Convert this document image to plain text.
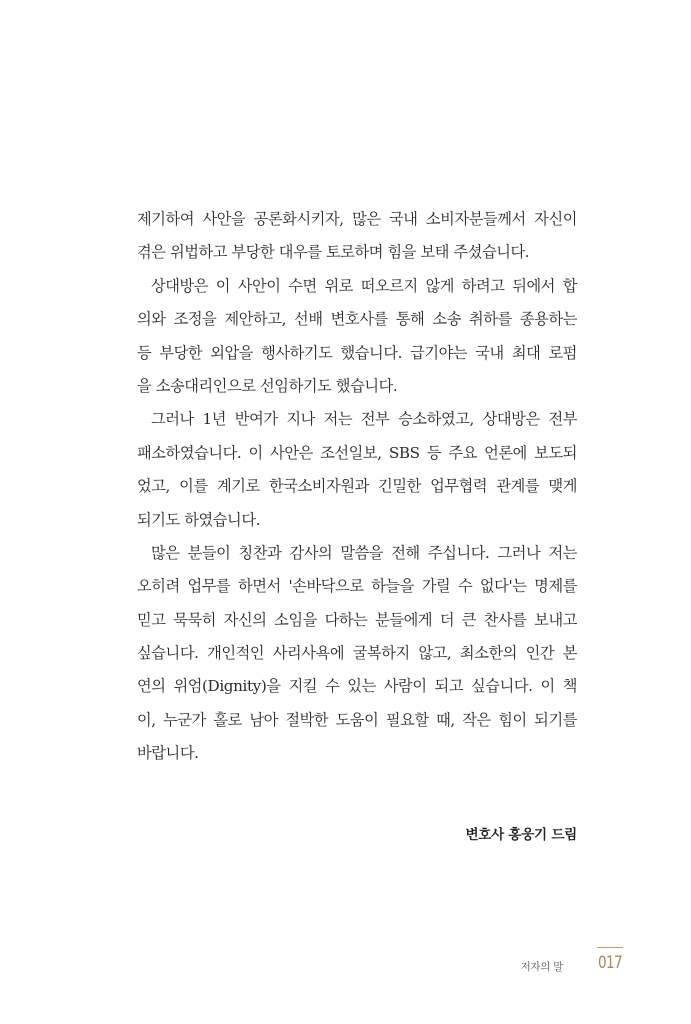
제기하여 사안을 공론화시키자, 많은 국내 소비자분들께서 자신이
겪은 위법하고 부당한 대우를 토로하며 힘을 보태 주셨습니다.
상대방은 이 사안이 수면 위로 떠오르지 않게 하려고 뒤에서 합
의와 조정을 제안하고, 선배 변호사를 통해 소송 취하를 종용하는
등 부당한 외압을 행사하기도 했습니다. 급기야는 국내 최대 로펌
을 소송대리인으로 선임하기도 했습니다.
그러나 1년 반여가 지나 저는 전부 승소하였고, 상대방은 전부
패소하였습니다. 이 사안은 조선일보, SBS 등 주요 언론에 보도되
었고, 이를 계기로 한국소비자원과 긴밀한 업무협력 관계를 맺게
되기도 하였습니다.
많은 분들이 칭찬과 감사의 말씀을 전해 주십니다. 그러나 저는
오히려 업무를 하면서 '손바닥으로 하늘을 가릴 수 없다'는 명제를
믿고 묵묵히 자신의 소임을 다하는 분들에게 더 큰 찬사를 보내고
싶습니다. 개인적인 사리사욕에 굴복하지 않고, 최소한의 인간 본
연의 위엄(Dignity)을 지킬 수 있는 사람이 되고 싶습니다. 이 책
이, 누군가 홀로 남아 절박한 도움이 필요할 때, 작은 힘이 되기를
바랍니다.
변호사 홍웅기 드림
저자의 말 017
